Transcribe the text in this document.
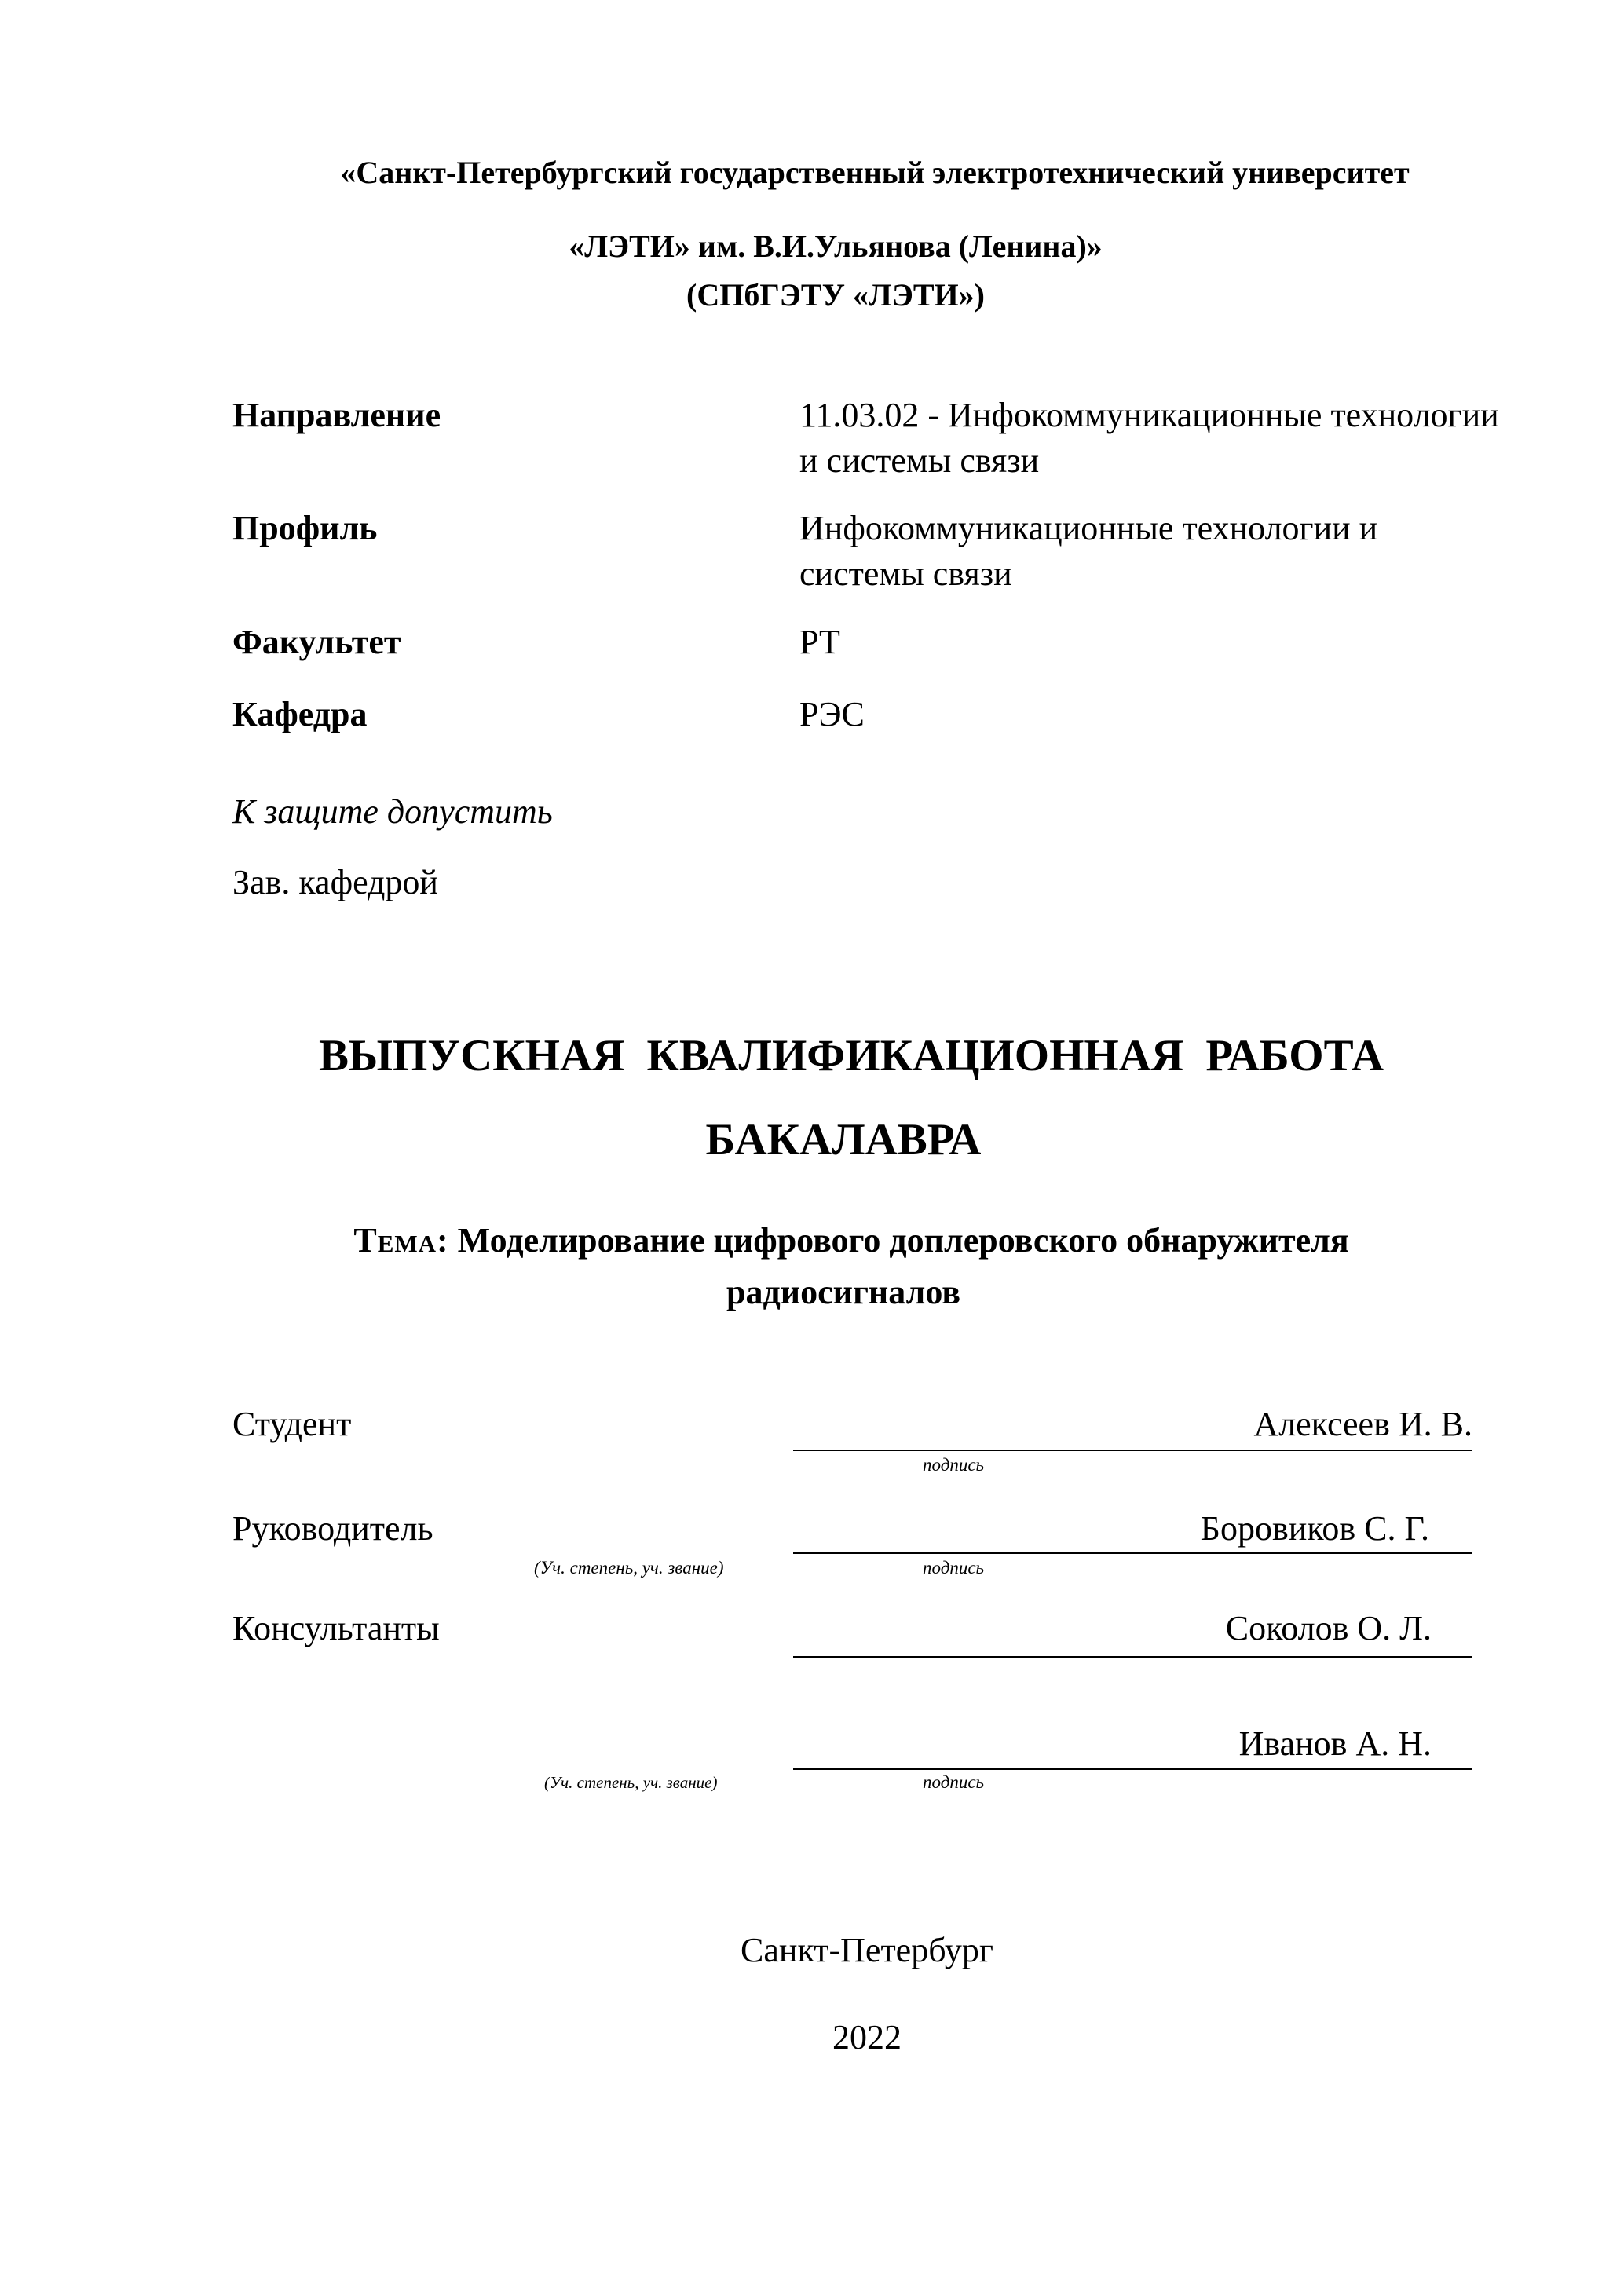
«Санкт-Петербургский государственный электротехнический университет
«ЛЭТИ» им. В.И.Ульянова (Ленина)»
(СПбГЭТУ «ЛЭТИ»)
Направление	11.03.02 - Инфокоммуникационные технологии и системы связи
Профиль	Инфокоммуникационные технологии и системы связи
Факультет	РТ
Кафедра	РЭС
К защите допустить
Зав. кафедрой
ВЫПУСКНАЯ КВАЛИФИКАЦИОННАЯ РАБОТА
БАКАЛАВРА
Тема: Моделирование цифрового доплеровского обнаружителя
радиосигналов
Студент	Алексеев И. В.
подпись
Руководитель	Боровиков С. Г.
(Уч. степень, уч. звание)	подпись
Консультанты	Соколов О. Л.
Иванов А. Н.
(Уч. степень, уч. звание)	подпись
Санкт-Петербург
2022
